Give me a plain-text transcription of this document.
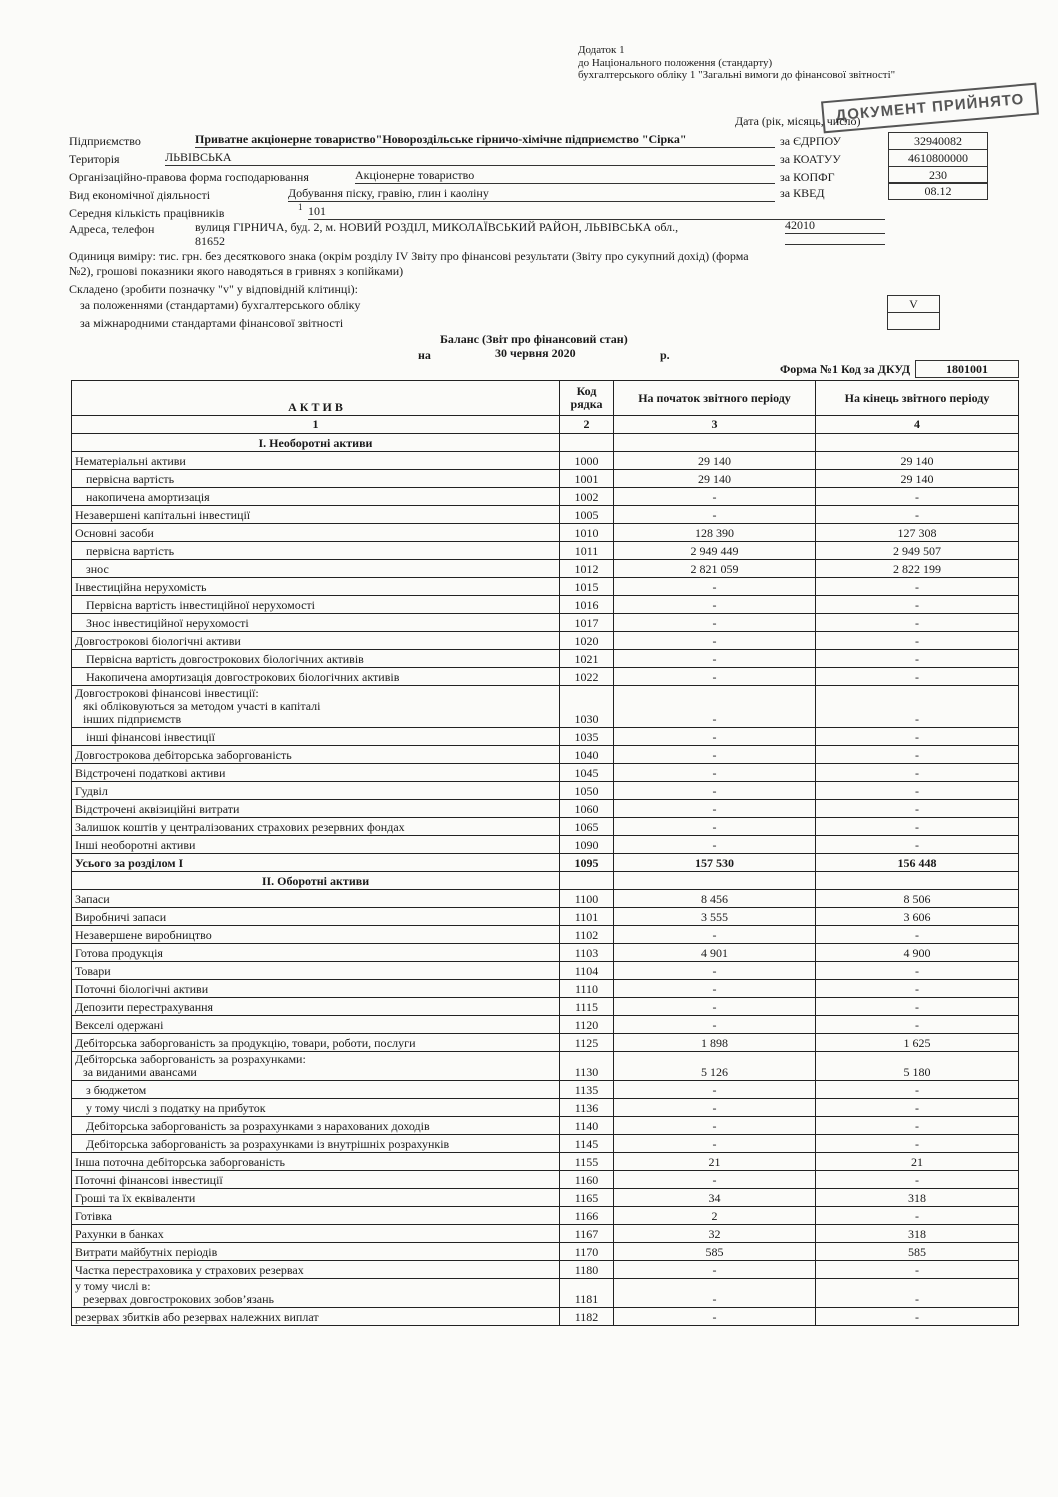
Додаток 1
до Національного положення (стандарту)
бухгалтерського обліку 1 "Загальні вимоги до фінансової звітності"
ДОКУМЕНТ ПРИЙНЯТО
Дата (рік, місяць, число)
Підприємство	Приватне акціонерне товариство"Новороздільське гірничо-хімічне підприємство "Сірка"	за ЄДРПОУ	32940082
Територія	ЛЬВІВСЬКА	за КОАТУУ	4610800000
Організаційно-правова форма господарювання	Акціонерне товариство	за КОПФГ	230
Вид економічної діяльності	Добування піску, гравію, глин і каоліну	за КВЕД	08.12
Середня кількість працівників	1 101
Адреса, телефон	вулиця ГІРНИЧА, буд. 2, м. НОВИЙ РОЗДІЛ, МИКОЛАЇВСЬКИЙ РАЙОН, ЛЬВІВСЬКА обл.,
81652
42010
Одиниця виміру: тис. грн. без десяткового знака (окрім розділу IV Звіту про фінансові результати (Звіту про сукупний дохід) (форма
№2), грошові показники якого наводяться в гривнях з копійками)
Складено (зробити позначку "v" у відповідній клітинці):
за положеннями (стандартами) бухгалтерського обліку	V
за міжнародними стандартами фінансової звітності
Баланс (Звіт про фінансовий стан)
на	30 червня 2020	р.
Форма №1 Код за ДКУД	1801001
А К Т И В	Код рядка	На початок звітного періоду	На кінець звітного періоду
1	2	3	4
I. Необоротні активи			
Нематеріальні активи	1000	29 140	29 140
первісна вартість	1001	29 140	29 140
накопичена амортизація	1002	-	-
Незавершені капітальні інвестиції	1005	-	-
Основні засоби	1010	128 390	127 308
первісна вартість	1011	2 949 449	2 949 507
знос	1012	2 821 059	2 822 199
Інвестиційна нерухомість	1015	-	-
Первісна вартість інвестиційної нерухомості	1016	-	-
Знос інвестиційної нерухомості	1017	-	-
Довгострокові біологічні активи	1020	-	-
Первісна вартість довгострокових біологічних активів	1021	-	-
Накопичена амортизація довгострокових біологічних активів	1022	-	-

Довгострокові фінансові інвестиції:
які обліковуються за методом участі в капіталі
інших підприємств	1030	-	-
інші фінансові інвестиції	1035	-	-
Довгострокова дебіторська заборгованість	1040	-	-
Відстрочені податкові активи	1045	-	-
Гудвіл	1050	-	-
Відстрочені аквізиційні витрати	1060	-	-
Залишок коштів у централізованих страхових резервних фондах	1065	-	-
Інші необоротні активи	1090	-	-
Усього за розділом I	1095	157 530	156 448
II. Оборотні активи			
Запаси	1100	8 456	8 506
Виробничі запаси	1101	3 555	3 606
Незавершене виробництво	1102	-	-
Готова продукція	1103	4 901	4 900
Товари	1104	-	-
Поточні біологічні активи	1110	-	-
Депозити перестрахування	1115	-	-
Векселі одержані	1120	-	-
Дебіторська заборгованість за продукцію, товари, роботи, послуги	1125	1 898	1 625

Дебіторська заборгованість за розрахунками:
за виданими авансами	1130	5 126	5 180
з бюджетом	1135	-	-
у тому числі з податку на прибуток	1136	-	-
Дебіторська заборгованість за розрахунками з нарахованих доходів	1140	-	-
Дебіторська заборгованість за розрахунками із внутрішніх розрахунків	1145	-	-
Інша поточна дебіторська заборгованість	1155	21	21
Поточні фінансові інвестиції	1160	-	-
Гроші та їх еквіваленти	1165	34	318
Готівка	1166	2	-
Рахунки в банках	1167	32	318
Витрати майбутніх періодів	1170	585	585
Частка перестраховика у страхових резервах	1180	-	-

у тому числі в:
резервах довгострокових зобов’язань	1181	-	-
резервах збитків або резервах належних виплат	1182	-	-
